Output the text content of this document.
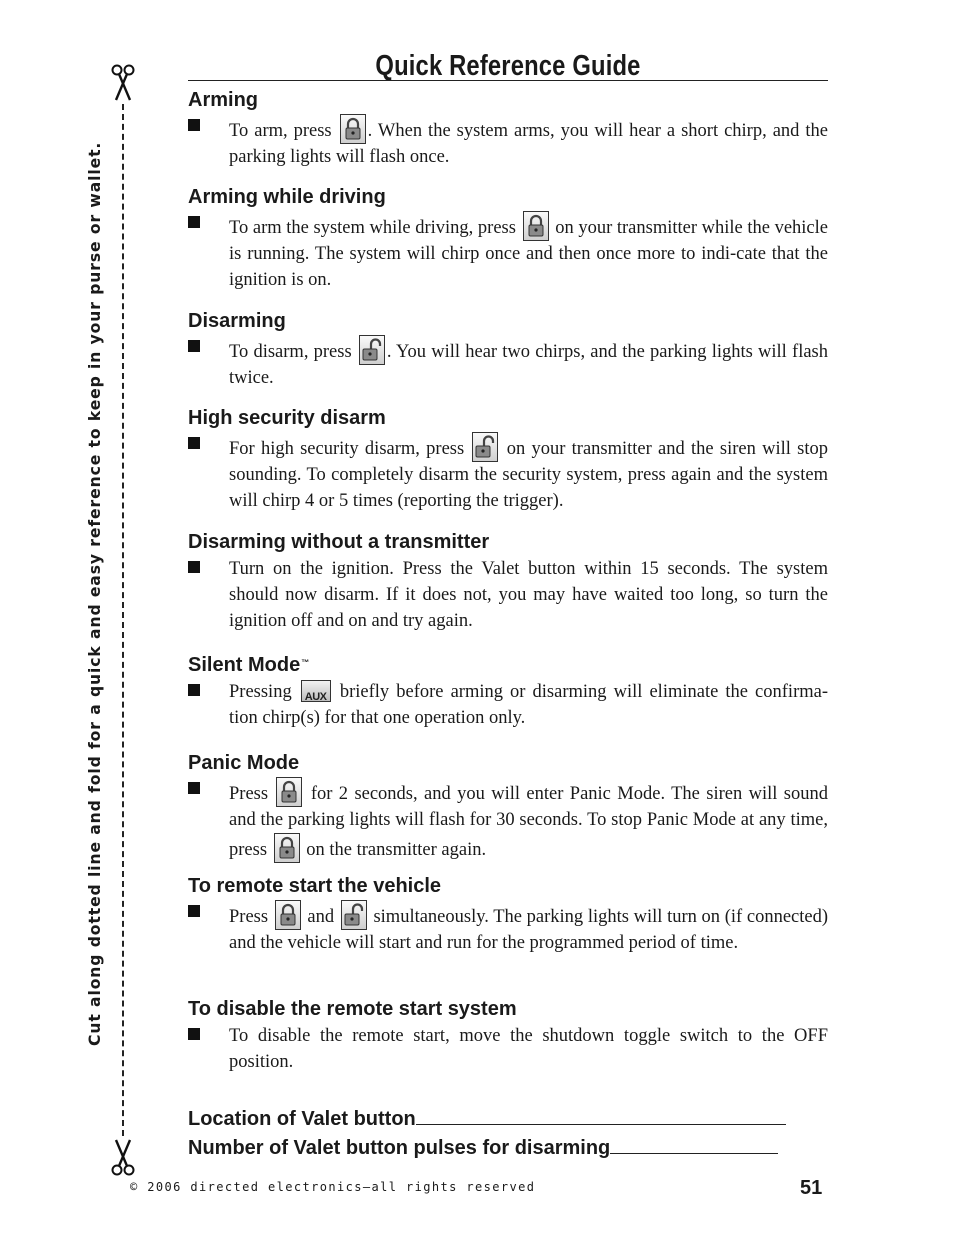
Cut along dotted line and fold for a quick and easy reference to keep in your purse or wallet.
Quick Reference Guide
Arming
To arm, press
. When the system arms, you will hear a short chirp, and the parking lights will flash once.
Arming while driving
To arm the system while driving, press
on your transmitter while the vehicle is running. The system will chirp once and then once more to indi-cate that the ignition is on.
Disarming
To disarm, press
. You will hear two chirps, and the parking lights will flash twice.
High security disarm
For high security disarm, press
on your transmitter and the siren will stop sounding. To completely disarm the security system, press again and the system will chirp 4 or 5 times (reporting the trigger).
Disarming without a transmitter
Turn on the ignition. Press the Valet button within 15 seconds. The system should now disarm. If it does not, you may have waited too long, so turn the ignition off and on and try again.
Silent Mode™
Pressing AUX briefly before arming or disarming will eliminate the confirma-tion chirp(s) for that one operation only.
Panic Mode
Press
for 2 seconds, and you will enter Panic Mode. The siren will sound and the parking lights will flash for 30 seconds. To stop Panic Mode at any time, press
on the transmitter again.
To remote start the vehicle
Press
and
simultaneously. The parking lights will turn on (if connected) and the vehicle will start and run for the programmed period of time.
To disable the remote start system
To disable the remote start, move the shutdown toggle switch to the OFF position.
Location of Valet button
Number of Valet button pulses for disarming
© 2006 directed electronics—all rights reserved	51
